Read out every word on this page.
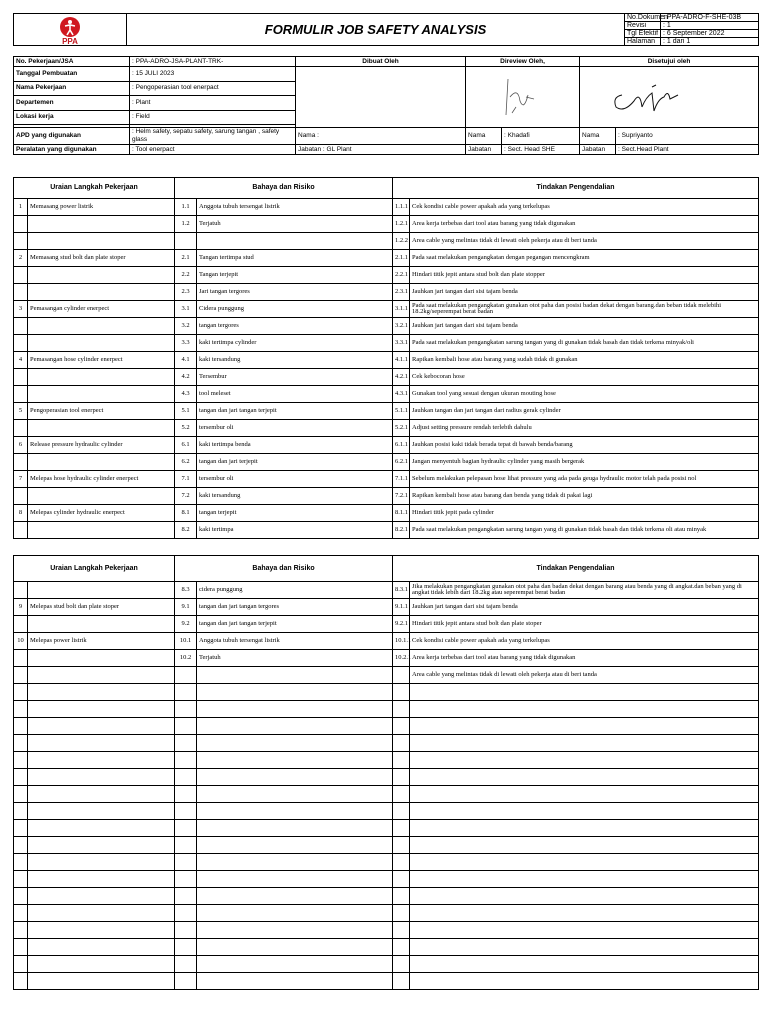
PPA	FORMULIR JOB SAFETY ANALYSIS	No.Dokumen	: PPA-ADRO-F-SHE-03B
		Revisi	: 1
		Tgl Efektif	: 6 September 2022
		Halaman	: 1 dari 1
No. Pekerjaan/JSA	: PPA-ADRO-JSA-PLANT-TRK-	Dibuat Oleh	Direview Oleh,		Disetujui oleh	
Tanggal Pembuatan	: 15 JULI 2023		

Nama Pekerjaan	: Pengoperasian tool enerpact					
Departemen	: Plant					
Lokasi kerja	: Field					

APD yang digunakan	: Helm safety, sepatu safety, sarung tangan , safety glass	Nama :	Nama	: Khadafi	Nama	: Supriyanto
Peralatan yang digunakan	: Tool enerpact	Jabatan : GL Plant	Jabatan	: Sect. Head SHE	Jabatan	: Sect.Head Plant
Uraian Langkah Pekerjaan		Bahaya dan Risiko		Tindakan Pengendalian	
1	Memasang power listrik	1.1	Anggota tubuh tersengat listrik	1.1.1	Cek kondisi cable power apakah ada yang terkelupas
		1.2	Terjatuh	1.2.1	Area kerja terbebas dari tool atau barang yang tidak digunakan
				1.2.2	Area cable yang melintas tidak di lewati oleh pekerja atau di beri tanda
2	Memasang stud bolt dan plate stoper	2.1	Tangan tertimpa stud	2.1.1	Pada saat melakukan pengangkatan dengan pegangan mencengkram
		2.2	Tangan terjepit	2.2.1	Hindari titik jepit antara stud bolt dan plate stopper
		2.3	Jari tangan tergores	2.3.1	Jauhkan jari tangan dari sisi tajam benda
3	Pemasangan cylinder enerpect	3.1	Cidera punggung	3.1.1	Pada saat melakukan pengangkatan gunakan otot paha dan posisi badan dekat dengan barang.dan beban tidak melebihi 18.2kg/seperempat berat badan
		3.2	tangan tergores	3.2.1	Jauhkan jari tangan dari sisi tajam benda
		3.3	kaki tertimpa cylinder	3.3.1	Pada saat melakukan pengangkatan sarung tangan yang di gunakan tidak basah dan tidak terkena minyak/oli
4	Pemasangan hose cylinder enerpect	4.1	kaki tersandung	4.1.1	Rapikan kembali hose atau barang yang sudah tidak di gunakan
		4.2	Tersembur	4.2.1	Cek kebocoran hose
		4.3	tool meleset	4.3.1	Gunakan tool yang sesuai dengan ukuran mouting hose
5	Pengoperasian tool enerpect	5.1	tangan dan jari tangan terjepit	5.1.1	Jauhkan tangan dan jari tangan dari radius gerak cylinder
		5.2	tersembur oli	5.2.1	Adjust setting pressure rendah terlebih dahulu
6	Release pressure hydraulic cylinder	6.1	kaki tertimpa benda	6.1.1	Jauhkan posisi kaki tidak berada tepat di bawah benda/barang
		6.2	tangan dan jari terjepit	6.2.1	Jangan menyentuh bagian hydraulic cylinder yang masih bergerak
7	Melepas hose hydraulic cylinder enerpect	7.1	tersembur oli	7.1.1	Sebelum melakukan pelepasan hose lihat pressure yang ada pada geuga hydraulic motor telah pada posisi nol
		7.2	kaki tersandung	7.2.1	Rapikan kembali hose atau barang dan benda yang tidak di pakai lagi
8	Melepas cylinder hydraulic enerpect	8.1	tangan terjepit	8.1.1	Hindari titik jepit pada cylinder
		8.2	kaki tertimpa	8.2.1	Pada saat melakukan pengangkatan sarung tangan yang di gunakan tidak basah dan tidak terkena oli atau minyak
Uraian Langkah Pekerjaan		Bahaya dan Risiko		Tindakan Pengendalian	
		8.3	cidera punggung	8.3.1	Jika melakukan pengangkatan gunakan otot paha dan badan dekat dengan barang atau benda yang di angkat.dan beban yang di angkat tidak lebih dari 18.2kg atau seperempat berat badan
9	Melepas stud bolt dan plate stoper	9.1	tangan dan jari tangan tergores	9.1.1	Jauhkan jari tangan dari sisi tajam benda
		9.2	tangan dan jari tangan terjepit	9.2.1	Hindari titik jepit antara stud bolt dan plate stoper
10	Melepas power listrik	10.1	Anggota tubuh tersengat listrik	10.1.1	Cek kondisi cable power apakah ada yang terkelupas
		10.2	Terjatuh	10.2.1	Area kerja terbebas dari tool atau barang yang tidak digunakan
					Area cable yang melintas tidak di lewati oleh pekerja atau di beri tanda
